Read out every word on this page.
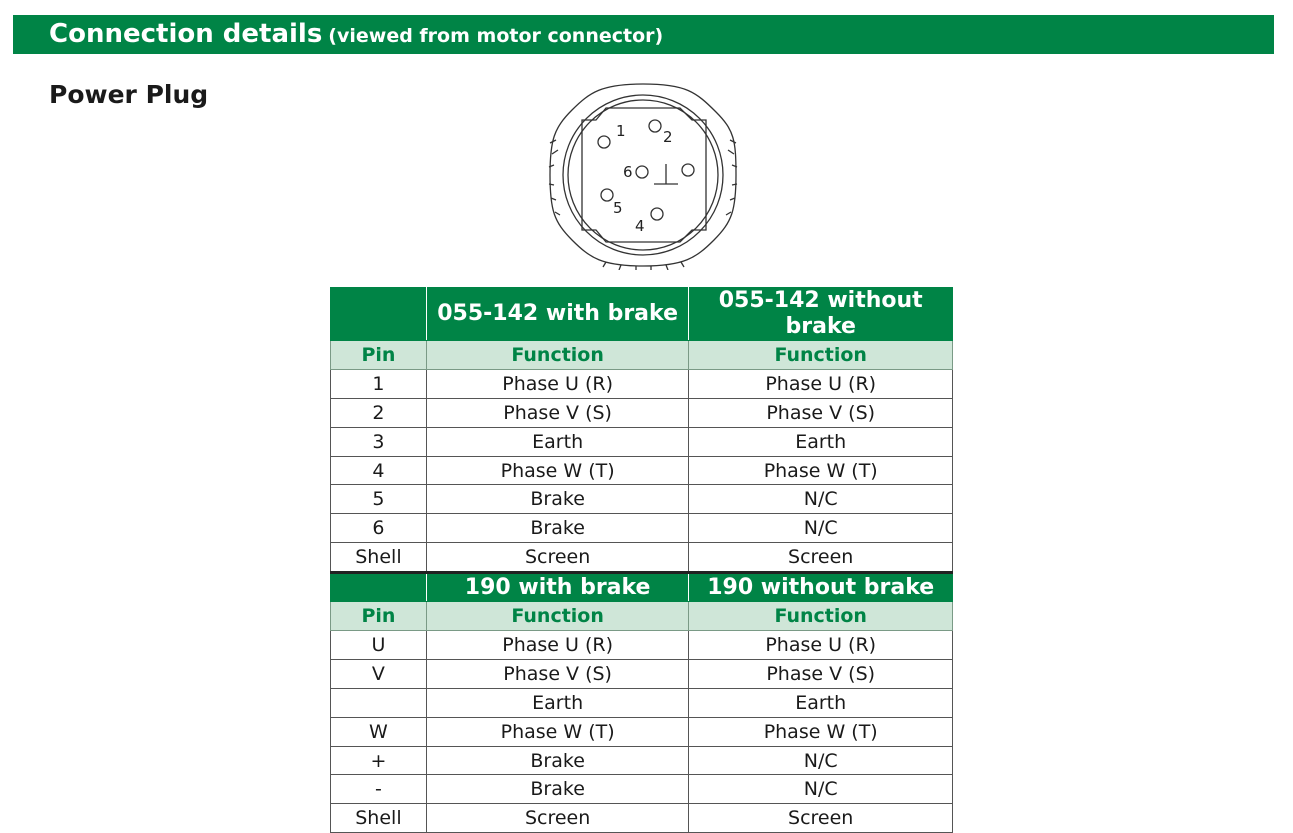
Connection details (viewed from motor connector)
Power Plug
1 2
6
5
4
	055-142 with brake	055-142 without brake
Pin	Function	Function
1	Phase U (R)	Phase U (R)
2	Phase V (S)	Phase V (S)
3	Earth	Earth
4	Phase W (T)	Phase W (T)
5	Brake	N/C
6	Brake	N/C
Shell	Screen	Screen
	190 with brake	190 without brake
Pin	Function	Function
U	Phase U (R)	Phase U (R)
V	Phase V (S)	Phase V (S)
	Earth	Earth
W	Phase W (T)	Phase W (T)
+	Brake	N/C
-	Brake	N/C
Shell	Screen	Screen
